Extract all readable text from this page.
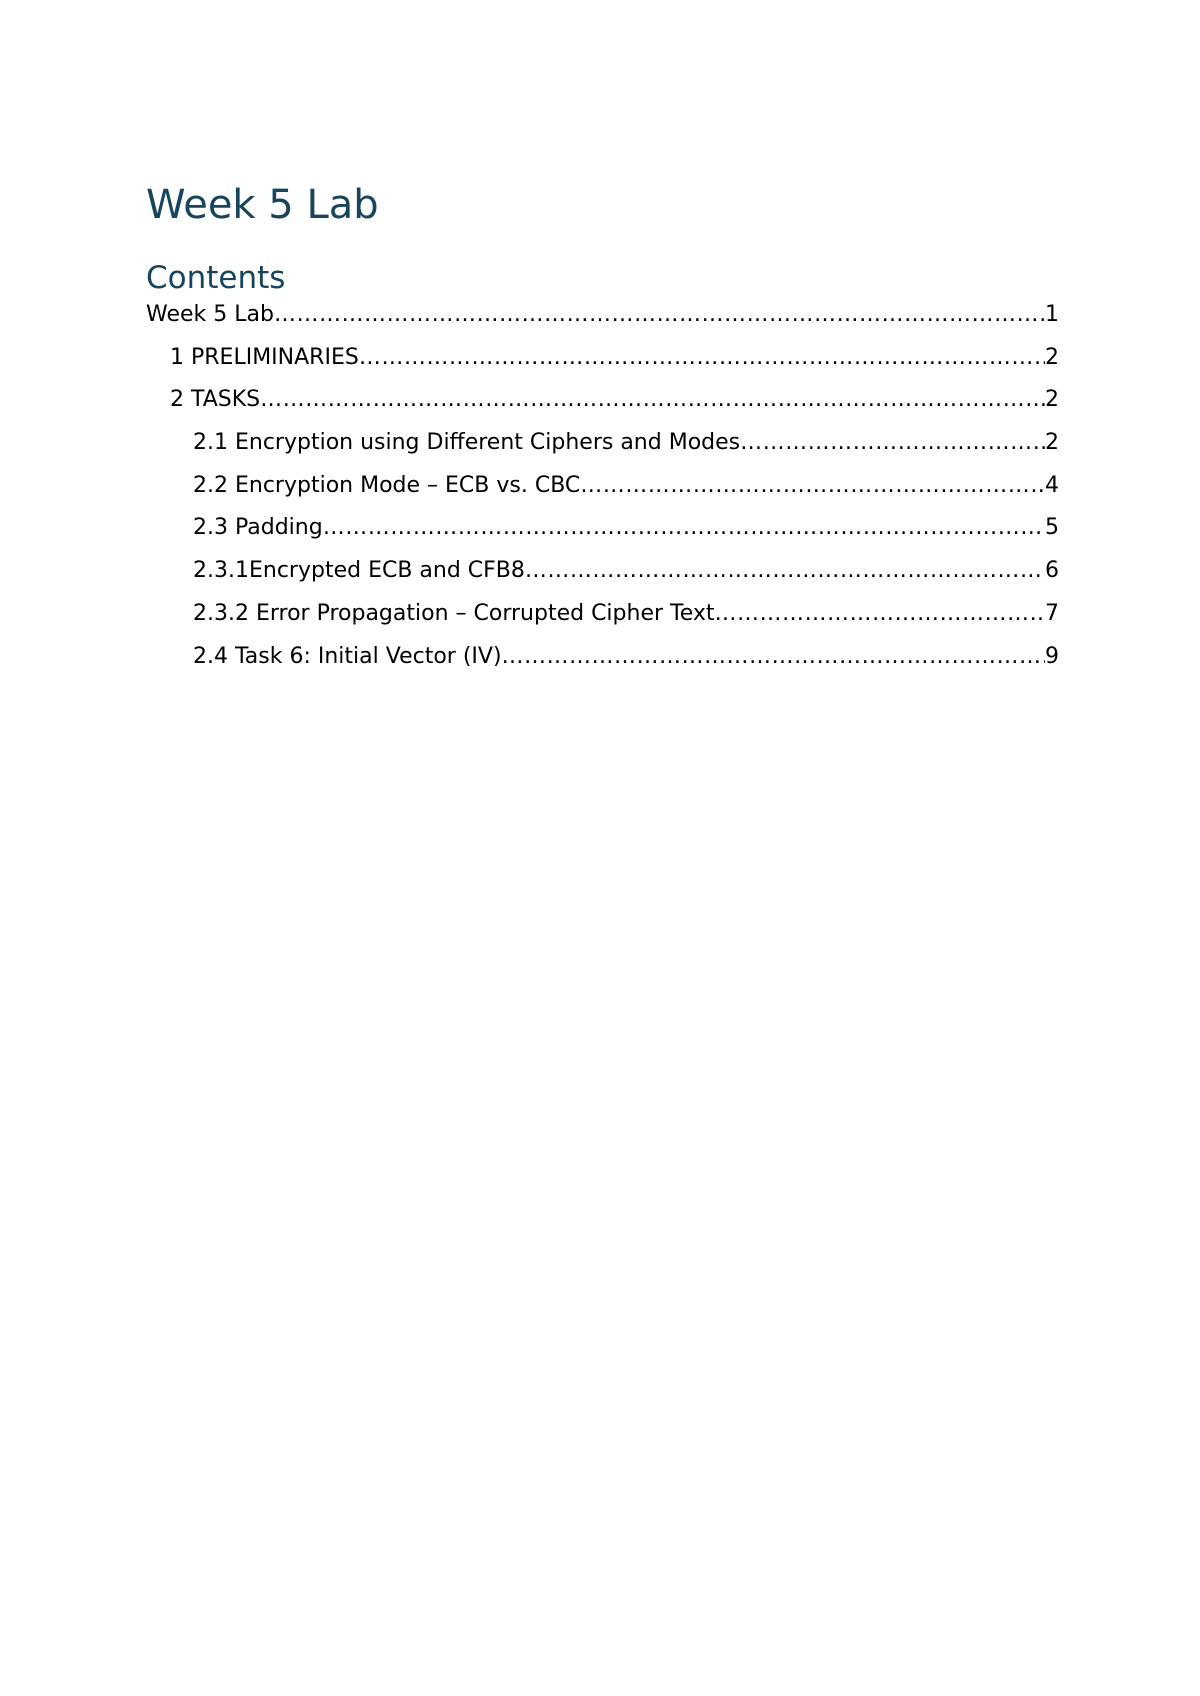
Week 5 Lab
Contents
Week 5 Lab ……………………………………………………………………………………………………………………………………………………………………………………………………………………	1
1 PRELIMINARIES ……………………………………………………………………………………………………………………………………………………………………………………………………………………	2
2 TASKS ……………………………………………………………………………………………………………………………………………………………………………………………………………………	2
2.1 Encryption using Different Ciphers and Modes ……………………………………………………………………………………………………………………………………………………………………………………………………………………	2
2.2 Encryption Mode – ECB vs. CBC ……………………………………………………………………………………………………………………………………………………………………………………………………………………	4
2.3 Padding ……………………………………………………………………………………………………………………………………………………………………………………………………………………	5
2.3.1Encrypted ECB and CFB8 ……………………………………………………………………………………………………………………………………………………………………………………………………………………	6
2.3.2 Error Propagation – Corrupted Cipher Text ……………………………………………………………………………………………………………………………………………………………………………………………………………………	7
2.4 Task 6: Initial Vector (IV) ……………………………………………………………………………………………………………………………………………………………………………………………………………………	9
